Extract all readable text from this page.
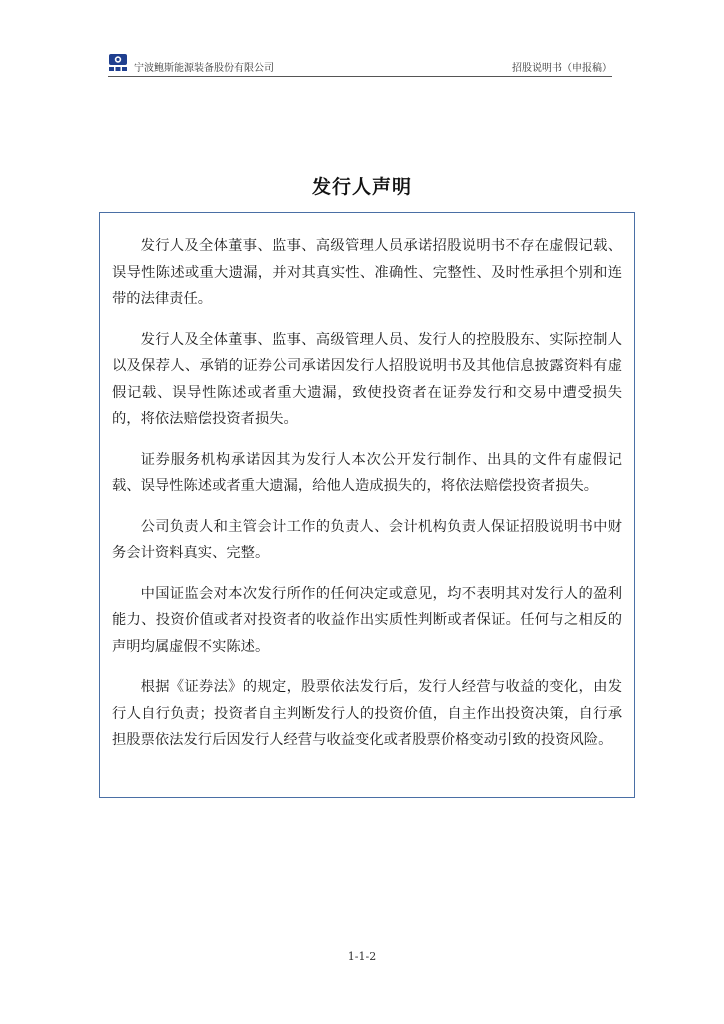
宁波鲍斯能源装备股份有限公司	招股说明书（申报稿）
发行人声明

发行人及全体董事、监事、高级管理人员承诺招股说明书不存在虚假记载、误导性陈述或重大遗漏，并对其真实性、准确性、完整性、及时性承担个别和连带的法律责任。

发行人及全体董事、监事、高级管理人员、发行人的控股股东、实际控制人以及保荐人、承销的证券公司承诺因发行人招股说明书及其他信息披露资料有虚假记载、误导性陈述或者重大遗漏，致使投资者在证券发行和交易中遭受损失的，将依法赔偿投资者损失。

证券服务机构承诺因其为发行人本次公开发行制作、出具的文件有虚假记载、误导性陈述或者重大遗漏，给他人造成损失的，将依法赔偿投资者损失。

公司负责人和主管会计工作的负责人、会计机构负责人保证招股说明书中财务会计资料真实、完整。

中国证监会对本次发行所作的任何决定或意见，均不表明其对发行人的盈利能力、投资价值或者对投资者的收益作出实质性判断或者保证。任何与之相反的声明均属虚假不实陈述。

根据《证券法》的规定，股票依法发行后，发行人经营与收益的变化，由发行人自行负责；投资者自主判断发行人的投资价值，自主作出投资决策，自行承担股票依法发行后因发行人经营与收益变化或者股票价格变动引致的投资风险。

1-1-2
